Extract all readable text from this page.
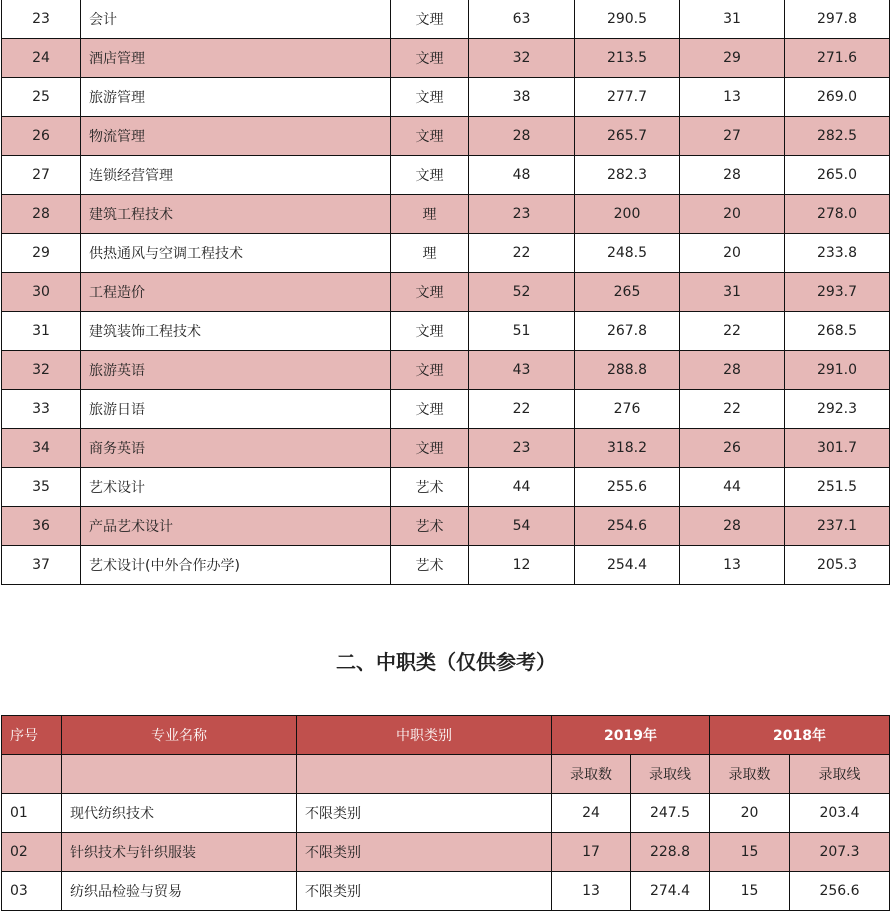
23	会计	文理	63	290.5	31	297.8
24	酒店管理	文理	32	213.5	29	271.6
25	旅游管理	文理	38	277.7	13	269.0
26	物流管理	文理	28	265.7	27	282.5
27	连锁经营管理	文理	48	282.3	28	265.0
28	建筑工程技术	理	23	200	20	278.0
29	供热通风与空调工程技术	理	22	248.5	20	233.8
30	工程造价	文理	52	265	31	293.7
31	建筑装饰工程技术	文理	51	267.8	22	268.5
32	旅游英语	文理	43	288.8	28	291.0
33	旅游日语	文理	22	276	22	292.3
34	商务英语	文理	23	318.2	26	301.7
35	艺术设计	艺术	44	255.6	44	251.5
36	产品艺术设计	艺术	54	254.6	28	237.1
37	艺术设计(中外合作办学)	艺术	12	254.4	13	205.3
二、中职类（仅供参考）
序号	专业名称	中职类别	2019年		2018年	
			录取数	录取线	录取数	录取线
01	现代纺织技术	不限类别	24	247.5	20	203.4
02	针织技术与针织服装	不限类别	17	228.8	15	207.3
03	纺织品检验与贸易	不限类别	13	274.4	15	256.6
